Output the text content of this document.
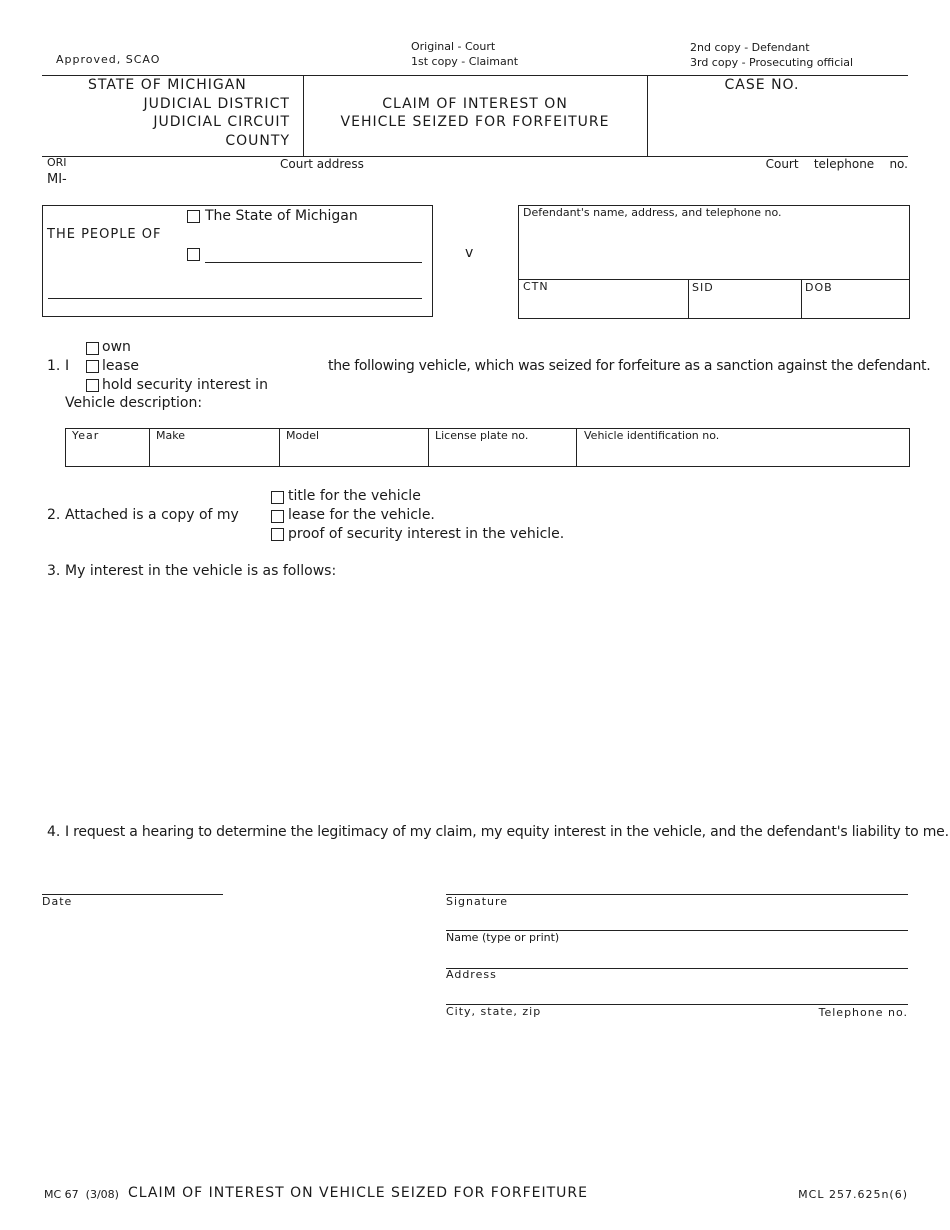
Approved, SCAO
Original - Court
1st copy - Claimant
2nd copy - Defendant
3rd copy - Prosecuting official
STATE OF MICHIGAN
JUDICIAL DISTRICT
JUDICIAL CIRCUIT
COUNTY
CLAIM OF INTEREST ON
VEHICLE SEIZED FOR FORFEITURE
CASE NO.
ORI
MI-
Court address	Court    telephone    no.
THE PEOPLE OF
The State of Michigan
v
Defendant's name, address, and telephone no.
CTN	SID	DOB
1. I
own
lease
hold security interest in
the following vehicle, which was seized for forfeiture as a sanction against the defendant.
Vehicle description:
Year	Make	Model	License plate no.	Vehicle identification no.
2. Attached is a copy of my
title for the vehicle
lease for the vehicle.
proof of security interest in the vehicle.
3. My interest in the vehicle is as follows:
4. I request a hearing to determine the legitimacy of my claim, my equity interest in the vehicle, and the defendant's liability to me.
Date	Signature
Name (type or print)
Address
City, state, zip	Telephone no.
MC 67  (3/08) CLAIM OF INTEREST ON VEHICLE SEIZED FOR FORFEITURE	MCL 257.625n(6)
